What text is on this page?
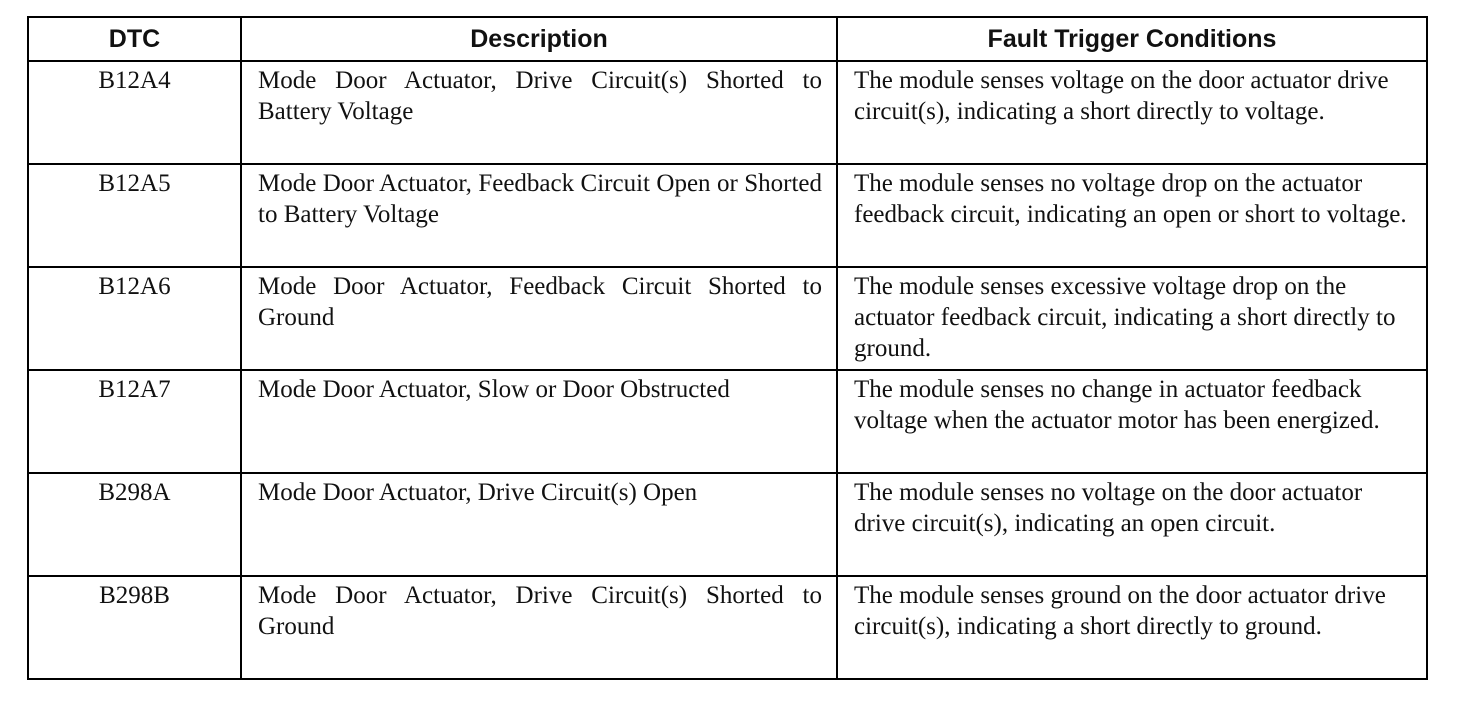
DTC	Description	Fault Trigger Conditions
B12A4	Mode Door Actuator, Drive Circuit(s) Shorted to Battery Voltage	The module senses voltage on the door actuator drive circuit(s), indicating a short directly to voltage.
B12A5	Mode Door Actuator, Feedback Circuit Open or Shorted to Battery Voltage	The module senses no voltage drop on the actuator feedback circuit, indicating an open or short to voltage.
B12A6	Mode Door Actuator, Feedback Circuit Shorted to Ground	The module senses excessive voltage drop on the actuator feedback circuit, indicating a short directly to ground.
B12A7	Mode Door Actuator, Slow or Door Obstructed	The module senses no change in actuator feedback voltage when the actuator motor has been energized.
B298A	Mode Door Actuator, Drive Circuit(s) Open	The module senses no voltage on the door actuator drive circuit(s), indicating an open circuit.
B298B	Mode Door Actuator, Drive Circuit(s) Shorted to Ground	The module senses ground on the door actuator drive circuit(s), indicating a short directly to ground.
